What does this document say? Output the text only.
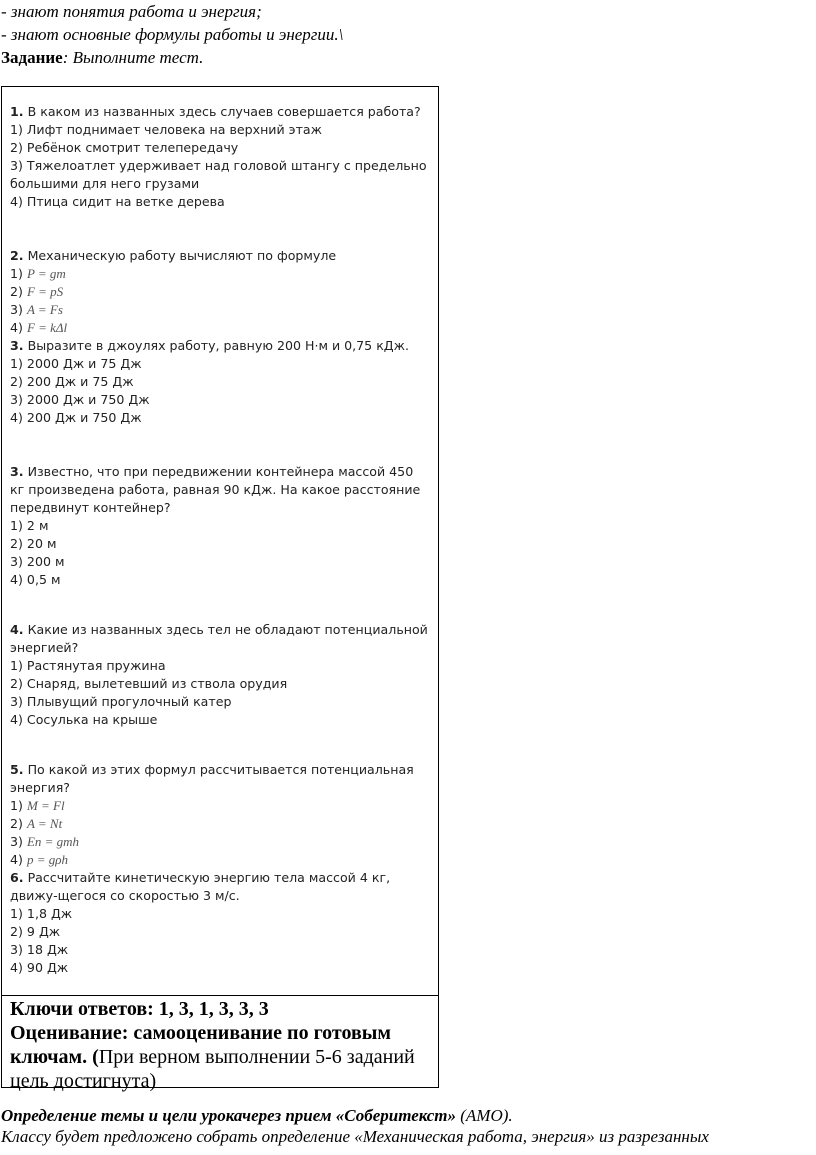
- знают понятия работа и энергия;
- знают основные формулы работы и энергии.\
Задание: Выполните тест.
1. В каком из названных здесь случаев совершается работа?
1) Лифт поднимает человека на верхний этаж
2) Ребёнок смотрит телепередачу
3) Тяжелоатлет удерживает над головой штангу с предельно большими для него грузами
4) Птица сидит на ветке дерева
2. Механическую работу вычисляют по формуле
1) P = gm
2) F = pS
3) A = Fs
4) F = kΔl
3. Выразите в джоулях работу, равную 200 Н·м и 0,75 кДж.
1) 2000 Дж и 75 Дж
2) 200 Дж и 75 Дж
3) 2000 Дж и 750 Дж
4) 200 Дж и 750 Дж
3. Известно, что при передвижении контейнера массой 450 кг произведена работа, равная 90 кДж. На какое расстояние передвинут контейнер?
1) 2 м
2) 20 м
3) 200 м
4) 0,5 м
4. Какие из названных здесь тел не обладают потенциальной энергией?
1) Растянутая пружина
2) Снаряд, вылетевший из ствола орудия
3) Плывущий прогулочный катер
4) Сосулька на крыше
5. По какой из этих формул рассчитывается потенциальная энергия?
1) M = Fl
2) A = Nt
3) Eп = gmh
4) p = gρh
6. Рассчитайте кинетическую энергию тела массой 4 кг, движу-щегося со скоростью 3 м/с.
1) 1,8 Дж
2) 9 Дж
3) 18 Дж
4) 90 Дж
Ключи ответов: 1, 3, 1, 3, 3, 3
Оценивание: самооценивание по готовым ключам. (При верном выполнении 5-6 заданий цель достигнута)
Определение темы и цели урокачерез прием «Соберитекст» (АМО).
Классу будет предложено собрать определение «Механическая работа, энергия» из разрезанных
